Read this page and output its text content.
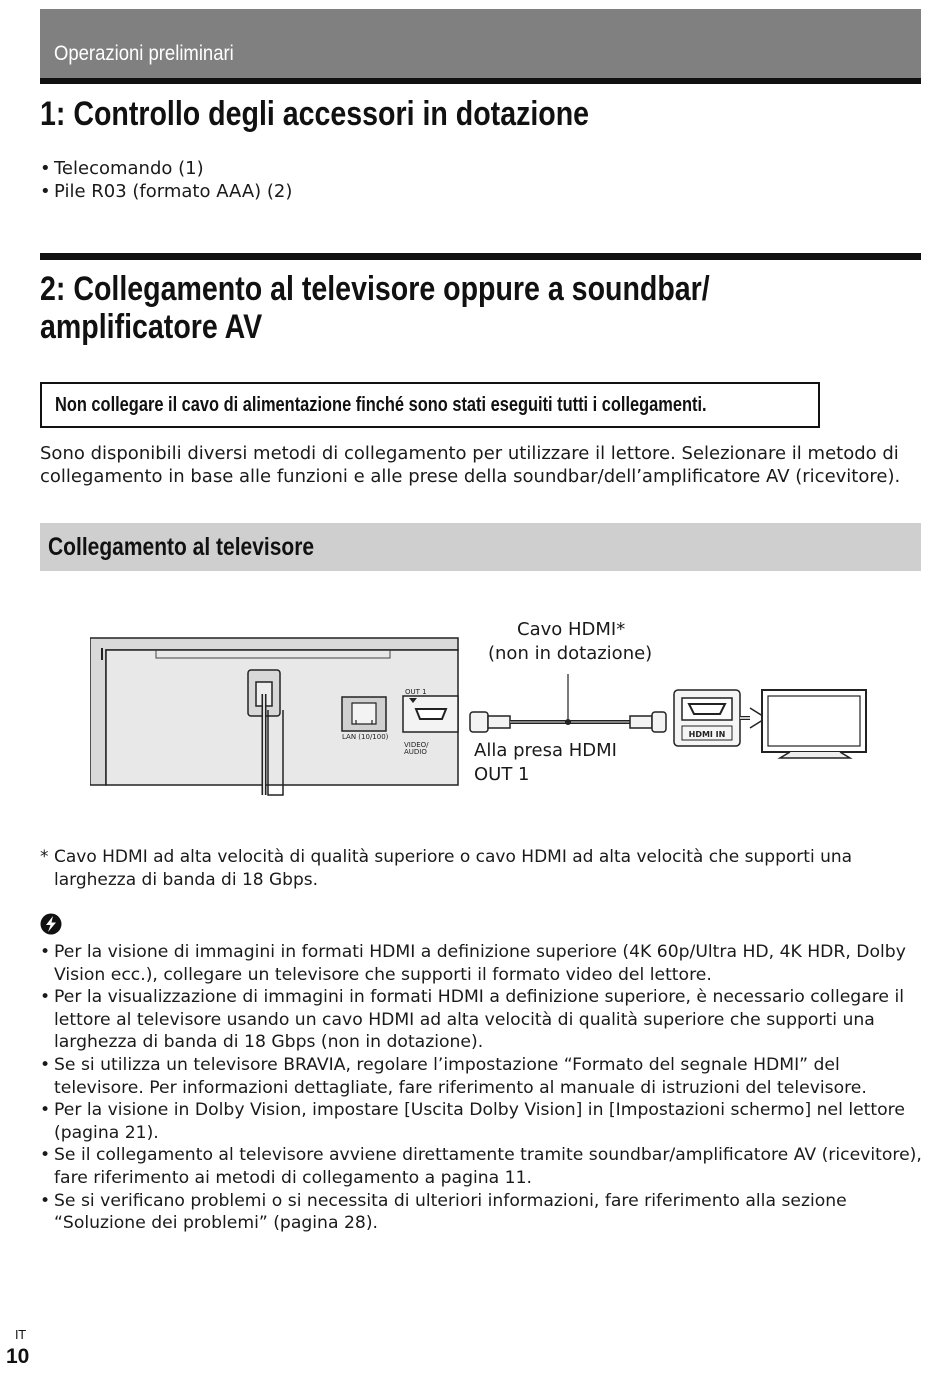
Operazioni preliminari
1: Controllo degli accessori in dotazione
• Telecomando (1)
• Pile R03 (formato AAA) (2)
2: Collegamento al televisore oppure a soundbar/
amplificatore AV
Non collegare il cavo di alimentazione finché sono stati eseguiti tutti i collegamenti.
Sono disponibili diversi metodi di collegamento per utilizzare il lettore. Selezionare il metodo di
collegamento in base alle funzioni e alle prese della soundbar/dell’amplificatore AV (ricevitore).
Collegamento al televisore
LAN (10/100)
OUT 1
VIDEO/
AUDIO
HDMI IN
Cavo HDMI*
(non in dotazione)
Alla presa HDMI
OUT 1
* Cavo HDMI ad alta velocità di qualità superiore o cavo HDMI ad alta velocità che supporti una
larghezza di banda di 18 Gbps.
• Per la visione di immagini in formati HDMI a definizione superiore (4K 60p/Ultra HD, 4K HDR, Dolby
Vision ecc.), collegare un televisore che supporti il formato video del lettore.
• Per la visualizzazione di immagini in formati HDMI a definizione superiore, è necessario collegare il
lettore al televisore usando un cavo HDMI ad alta velocità di qualità superiore che supporti una
larghezza di banda di 18 Gbps (non in dotazione).
• Se si utilizza un televisore BRAVIA, regolare l’impostazione “Formato del segnale HDMI” del
televisore. Per informazioni dettagliate, fare riferimento al manuale di istruzioni del televisore.
• Per la visione in Dolby Vision, impostare [Uscita Dolby Vision] in [Impostazioni schermo] nel lettore
(pagina 21).
• Se il collegamento al televisore avviene direttamente tramite soundbar/amplificatore AV (ricevitore),
fare riferimento ai metodi di collegamento a pagina 11.
• Se si verificano problemi o si necessita di ulteriori informazioni, fare riferimento alla sezione
“Soluzione dei problemi” (pagina 28).
IT
10
